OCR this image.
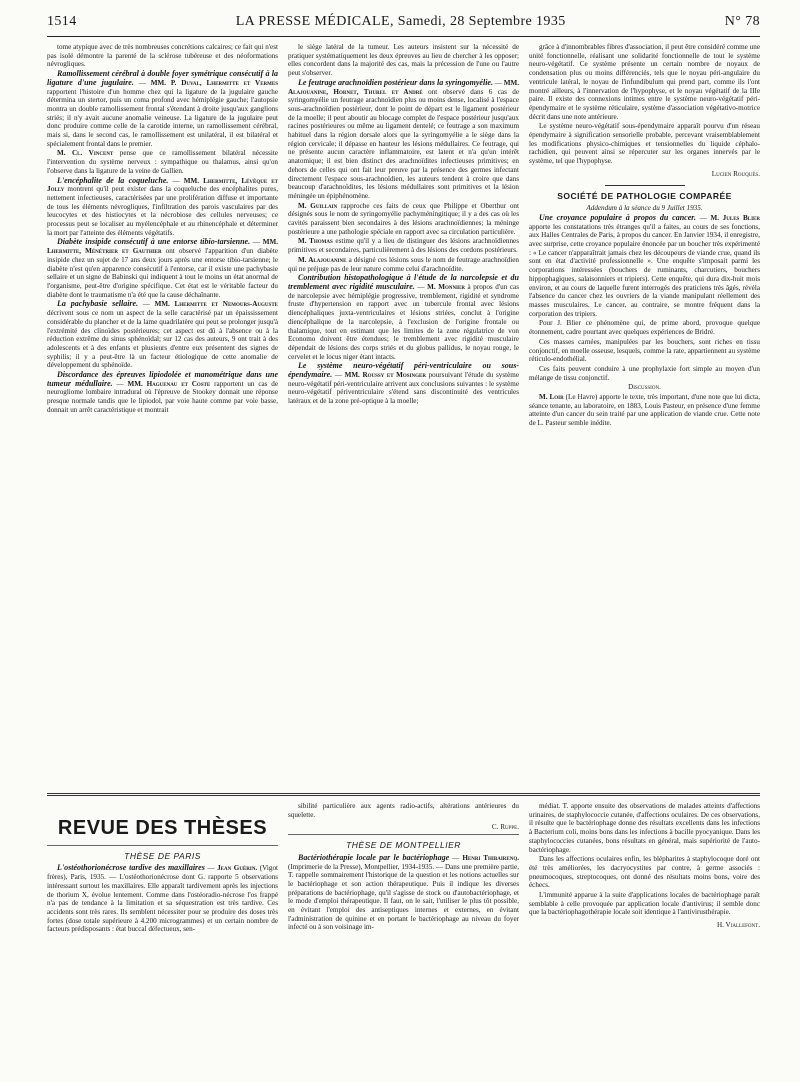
1514	LA PRESSE MÉDICALE, Samedi, 28 Septembre 1935	N° 78

tome atypique avec de très nombreuses concrétions calcaires; ce fait qui n'est pas isolé démontre la parenté de la sclérose tubéreuse et des néoformations névrogliques.

Ramollissement cérébral à double foyer symétrique consécutif à la ligature d'une jugulaire. — MM. P. Duval, Lhermitte et Vermes rapportent l'histoire d'un homme chez qui la ligature de la jugulaire gauche détermina un stertor, puis un coma profond avec hémiplégie gauche; l'autopsie montra un double ramollissement frontal s'étendant à droite jusqu'aux ganglions striés; il n'y avait aucune anomalie veineuse. La ligature de la jugulaire peut donc produire comme celle de la carotide interne, un ramollissement cérébral, mais si, dans le second cas, le ramollissement est unilatéral, il est bilatéral et spécialement frontal dans le premier.

M. Cl. Vincent pense que ce ramollissement bilatéral nécessite l'intervention du système nerveux : sympathique ou thalamus, ainsi qu'on l'observe dans la ligature de la veine de Gallien.

L'encéphalite de la coqueluche. — MM. Lhermitte, Lévêque et Jolly montrent qu'il peut exister dans la coqueluche des encéphalites pures, nettement infectieuses, caractérisées par une prolifération diffuse et importante de tous les éléments névrogliques, l'infiltration des parois vasculaires par des leucocytes et des histiocytes et la nécrobiose des cellules nerveuses; ce processus peut se localiser au myélencéphale et au rhinencéphale et déterminer la mort par l'atteinte des éléments végétatifs.

Diabète insipide consécutif à une entorse tibio-tarsienne. — MM. Lhermitte, Ménétrier et Gauthier ont observé l'apparition d'un diabète insipide chez un sujet de 17 ans deux jours après une entorse tibio-tarsienne; le diabète n'est qu'en apparence consécutif à l'entorse, car il existe une pachybasie sellaire et un signe de Babinski qui indiquent à tout le moins un état anormal de l'organisme, peut-être d'origine spécifique. Cet état est le véritable facteur du diabète dont le traumatisme n'a été que la cause déchaînante.

La pachybasie sellaire. — MM. Lhermitte et Nemours-Auguste décrivent sous ce nom un aspect de la selle caractérisé par un épaississement considérable du plancher et de la lame quadrilatère qui peut se prolonger jusqu'à l'extrémité des clinoïdes postérieures; cet aspect est dû à l'absence ou à la réduction extrême du sinus sphénoïdal; sur 12 cas des auteurs, 9 ont trait à des adolescents et à des enfants et plusieurs d'entre eux présentent des signes de syphilis; il y a peut-être là un facteur étiologique de cette anomalie de développement du sphénoïde.

Discordance des épreuves lipiodolée et manométrique dans une tumeur médullaire. — MM. Haguenau et Coste rapportent un cas de neurogliome lombaire intradural où l'épreuve de Stookey donnait une réponse presque normale tandis que le lipiodol, par voie haute comme par voie basse, donnait un arrêt caractéristique et montrait

le siège latéral de la tumeur. Les auteurs insistent sur la nécessité de pratiquer systématiquement les deux épreuves au lieu de chercher à les opposer; elles concordent dans la majorité des cas, mais la précession de l'une ou l'autre peut s'observer.

Le feutrage arachnoïdien postérieur dans la syringomyélie. — MM. Alajouanine, Hornet, Thurel et André ont observé dans 6 cas de syringomyélie un feutrage arachnoïdien plus ou moins dense, localisé à l'espace sous-arachnoïdien postérieur, dont le point de départ est le ligament postérieur de la moelle; il peut aboutir au blocage complet de l'espace postérieur jusqu'aux racines postérieures ou même au ligament dentelé; ce feutrage a son maximum habituel dans la région dorsale alors que la syringomyélie a le siège dans la région cervicale; il dépasse en hauteur les lésions médullaires. Ce feutrage, qui ne présente aucun caractère inflammatoire, est latent et n'a qu'un intérêt anatomique; il est bien distinct des arachnoïdites infectieuses primitives; en dehors de celles qui ont fait leur preuve par la présence des germes infectant directement l'espace sous-arachnoïdien, les auteurs tendent à croire que dans beaucoup d'arachnoïdites, les lésions médullaires sont primitives et la lésion méningée un épiphénomène.

M. Guillain rapproche ces faits de ceux que Philippe et Oberthur ont désignés sous le nom de syringomyélie pachyméningitique; il y a des cas où les cavités paraissent bien secondaires à des lésions arachnoïdiennes; la méninge postérieure a une pathologie spéciale en rapport avec sa circulation particulière.

M. Thomas estime qu'il y a lieu de distinguer des lésions arachnoïdiennes primitives et secondaires, particulièrement à des lésions des cordons postérieurs.

M. Alajouanine a désigné ces lésions sous le nom de feutrage arachnoïdien qui ne préjuge pas de leur nature comme celui d'arachnoïdite.

Contribution histopathologique à l'étude de la narcolepsie et du tremblement avec rigidité musculaire. — M. Monnier à propos d'un cas de narcolepsie avec hémiplégie progressive, tremblement, rigidité et syndrome fruste d'hypertension en rapport avec un tubercule frontal avec lésions diencéphaliques juxta-ventriculaires et lésions striées, conclut à l'origine diencéphalique de la narcolepsie, à l'exclusion de l'origine frontale ou thalamique, tout en estimant que les limites de la zone régulatrice de von Economo doivent être étendues; le tremblement avec rigidité musculaire dépendait de lésions des corps striés et du globus pallidus, le noyau rouge, le cervelet et le locus niger étant intacts.

Le système neuro-végétatif péri-ventriculaire ou sous-épendymaire. — MM. Roussy et Mosinger poursuivant l'étude du système neuro-végétatif péri-ventriculaire arrivent aux conclusions suivantes : le système neuro-végétatif périventriculaire s'étend sans discontinuité des ventricules latéraux et de la zone pré-optique à la moelle;

grâce à d'innombrables fibres d'association, il peut être considéré comme une unité fonctionnelle, réalisant une solidarité fonctionnelle de tout le système neuro-végétatif. Ce système présente un certain nombre de noyaux de condensation plus ou moins différenciés, tels que le noyau péri-angulaire du ventricule latéral, le noyau de l'infundibulum qui prend part, comme ils l'ont montré ailleurs, à l'innervation de l'hypophyse, et le noyau végétatif de la IIIe paire. Il existe des connexions intimes entre le système neuro-végétatif péri-épendymaire et le système réticulaire, système d'association végétativo-motrice décrit dans une note antérieure.

Le système neuro-végétatif sous-épendymaire apparaît pourvu d'un réseau épendymaire à signification sensorielle probable, percevant vraisemblablement les modifications physico-chimiques et tensionnelles du liquide céphalo-rachidien, qui peuvent ainsi se répercuter sur les organes innervés par le système, tel que l'hypophyse.

Lucien Rouquès.

SOCIÉTÉ DE PATHOLOGIE COMPARÉE

Addendum à la séance du 9 Juillet 1935.

Une croyance populaire à propos du cancer. — M. Jules Blier apporte les constatations très étranges qu'il a faites, au cours de ses fonctions, aux Halles Centrales de Paris, à propos du cancer. En Janvier 1934, il enregistre, avec surprise, cette croyance populaire énoncée par un boucher très expérimenté : « Le cancer n'apparaîtrait jamais chez les découpeurs de viande crue, quand ils sont en état d'activité professionnelle ». Une enquête s'imposait parmi les corporations intéressées (bouchers de ruminants, charcutiers, bouchers hippophagiques, salaisonniers et tripiers). Cette enquête, qui dura dix-huit mois environ, et au cours de laquelle furent interrogés des praticiens très âgés, révéla l'absence du cancer chez les ouvriers de la viande manipulant réellement des masses musculaires. Le cancer, au contraire, se montre fréquent dans la corporation des tripiers.

Pour J. Blier ce phénomène qui, de prime abord, provoque quelque étonnement, cadre pourtant avec quelques expériences de Bridré.

Ces masses carnées, manipulées par les bouchers, sont riches en tissu conjonctif, en moelle osseuse, lesquels, comme la rate, appartiennent au système réticulo-endothélial.

Ces faits peuvent conduire à une prophylaxie fort simple au moyen d'un mélange de tissu conjonctif.

Discussion.

M. Loir (Le Havre) apporte le texte, très important, d'une note que lui dicta, séance tenante, au laboratoire, en 1883, Louis Pasteur, en présence d'une femme atteinte d'un cancer du sein traité par une application de viande crue. Cette note de L. Pasteur semble inédite.

REVUE DES THÈSES
THÈSE DE PARIS

L'ostéothorionécrose tardive des maxillaires — Jean Guérin. (Vigot frères), Paris, 1935. — L'ostéothorionécrose dont G. rapporte 5 observations intéressant surtout les maxillaires. Elle apparaît tardivement après les injections de thorium X, évolue lentement. Comme dans l'ostéoradio-nécrose l'os frappé n'a pas de tendance à la limitation et sa séquestration est très tardive. Ces accidents sont très rares. Ils semblent nécessiter pour se produire des doses très fortes (dose totale supérieure à 4.200 microgrammes) et un certain nombre de facteurs prédisposants : état buccal défectueux, sen-

sibilité particulière aux agents radio-actifs, altérations antérieures du squelette.

C. Ruppe.

THÈSE DE MONTPELLIER

Bactériothérapie locale par le bactériophage — Henri Thibairenq. (Imprimerie de la Presse), Montpellier, 1934-1935. — Dans une première partie, T. rappelle sommairement l'historique de la question et les notions actuelles sur le bactériophage et son action thérapeutique. Puis il indique les diverses préparations de bactériophage, qu'il s'agisse de stock ou d'autobactériophage, et le mode d'emploi thérapeutique. Il faut, on le sait, l'utiliser le plus tôt possible, en évitant l'emploi des antiseptiques internes et externes, en évitant l'administration de quinine et en portant le bactériophage au niveau du foyer infecté ou à son voisinage im-

médiat. T. apporte ensuite des observations de malades atteints d'affections urinaires, de staphylococcie cutanée, d'affections oculaires. De ces observations, il résulte que le bactériophage donne des résultats excellents dans les infections à Bacterium coli, moins bons dans les infections à bacille pyocyanique. Dans les staphylococcies cutanées, bons résultats en général, mais supériorité de l'auto-bactériophage.

Dans les affections oculaires enfin, les blépharites à staphylocoque doré ont été très améliorées, les dacryocystites par contre, à germe associés : pneumocoques, streptocoques, ont donné des résultats moins bons, voire des échecs.

L'immunité apparue à la suite d'applications locales de bactériophage paraît semblable à celle provoquée par application locale d'antivirus; il semble donc que la bactériophagothérapie locale soit identique à l'antivirusthérapie.

H. Viallefont.
